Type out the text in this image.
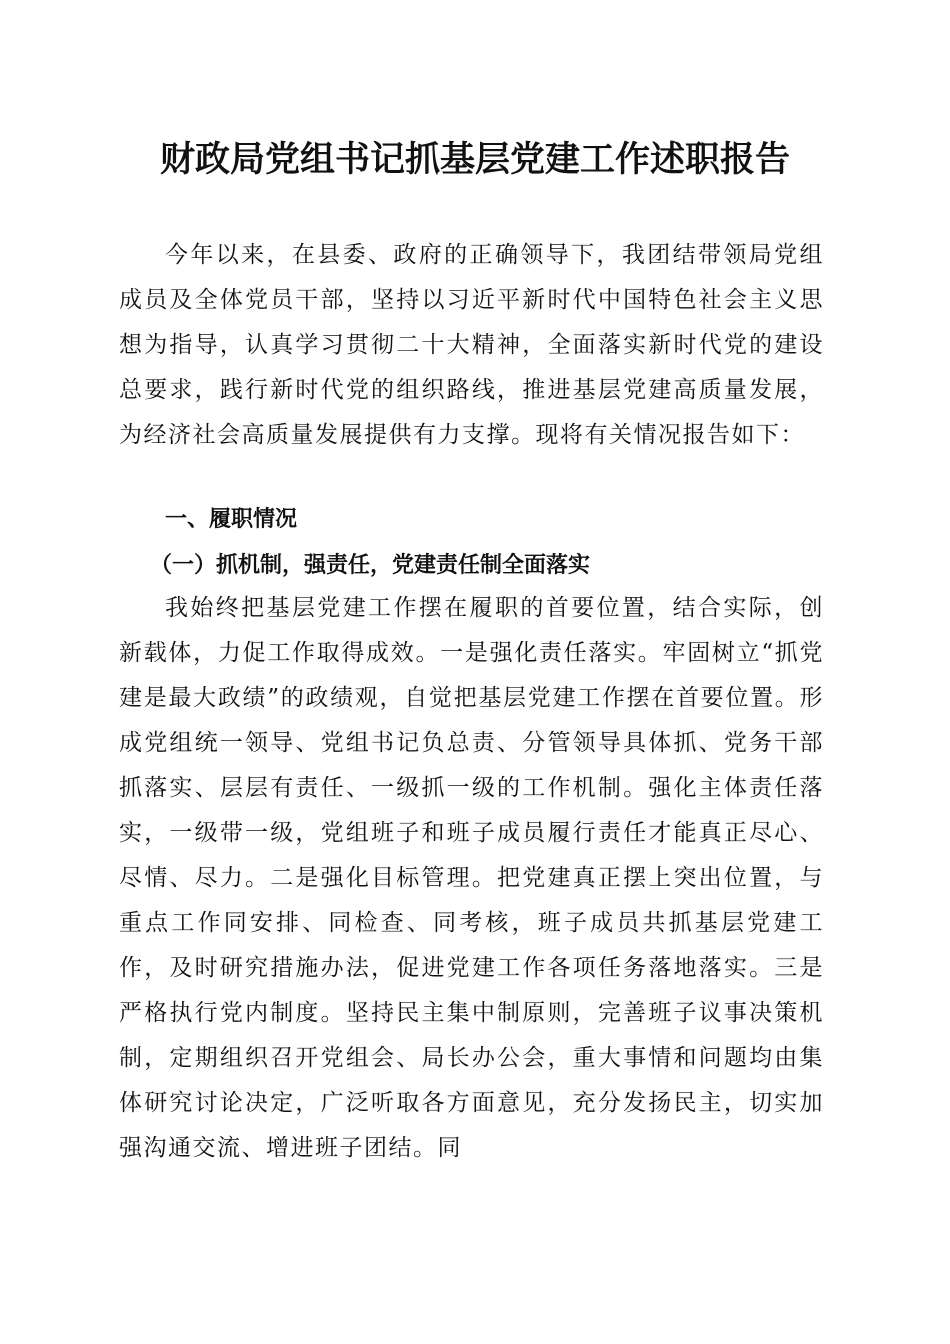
财政局党组书记抓基层党建工作述职报告

今年以来，在县委、政府的正确领导下，我团结带领局党组成员及全体党员干部，坚持以习近平新时代中国特色社会主义思想为指导，认真学习贯彻二十大精神，全面落实新时代党的建设总要求，践行新时代党的组织路线，推进基层党建高质量发展，为经济社会高质量发展提供有力支撑。现将有关情况报告如下：

一、履职情况
（一）抓机制，强责任，党建责任制全面落实

我始终把基层党建工作摆在履职的首要位置，结合实际，创新载体，力促工作取得成效。一是强化责任落实。牢固树立“抓党建是最大政绩”的政绩观，自觉把基层党建工作摆在首要位置。形成党组统一领导、党组书记负总责、分管领导具体抓、党务干部抓落实、层层有责任、一级抓一级的工作机制。强化主体责任落实，一级带一级，党组班子和班子成员履行责任才能真正尽心、尽情、尽力。二是强化目标管理。把党建真正摆上突出位置，与重点工作同安排、同检查、同考核，班子成员共抓基层党建工作，及时研究措施办法，促进党建工作各项任务落地落实。三是严格执行党内制度。坚持民主集中制原则，完善班子议事决策机制，定期组织召开党组会、局长办公会，重大事情和问题均由集体研究讨论决定，广泛听取各方面意见，充分发扬民主，切实加强沟通交流、增进班子团结。同
